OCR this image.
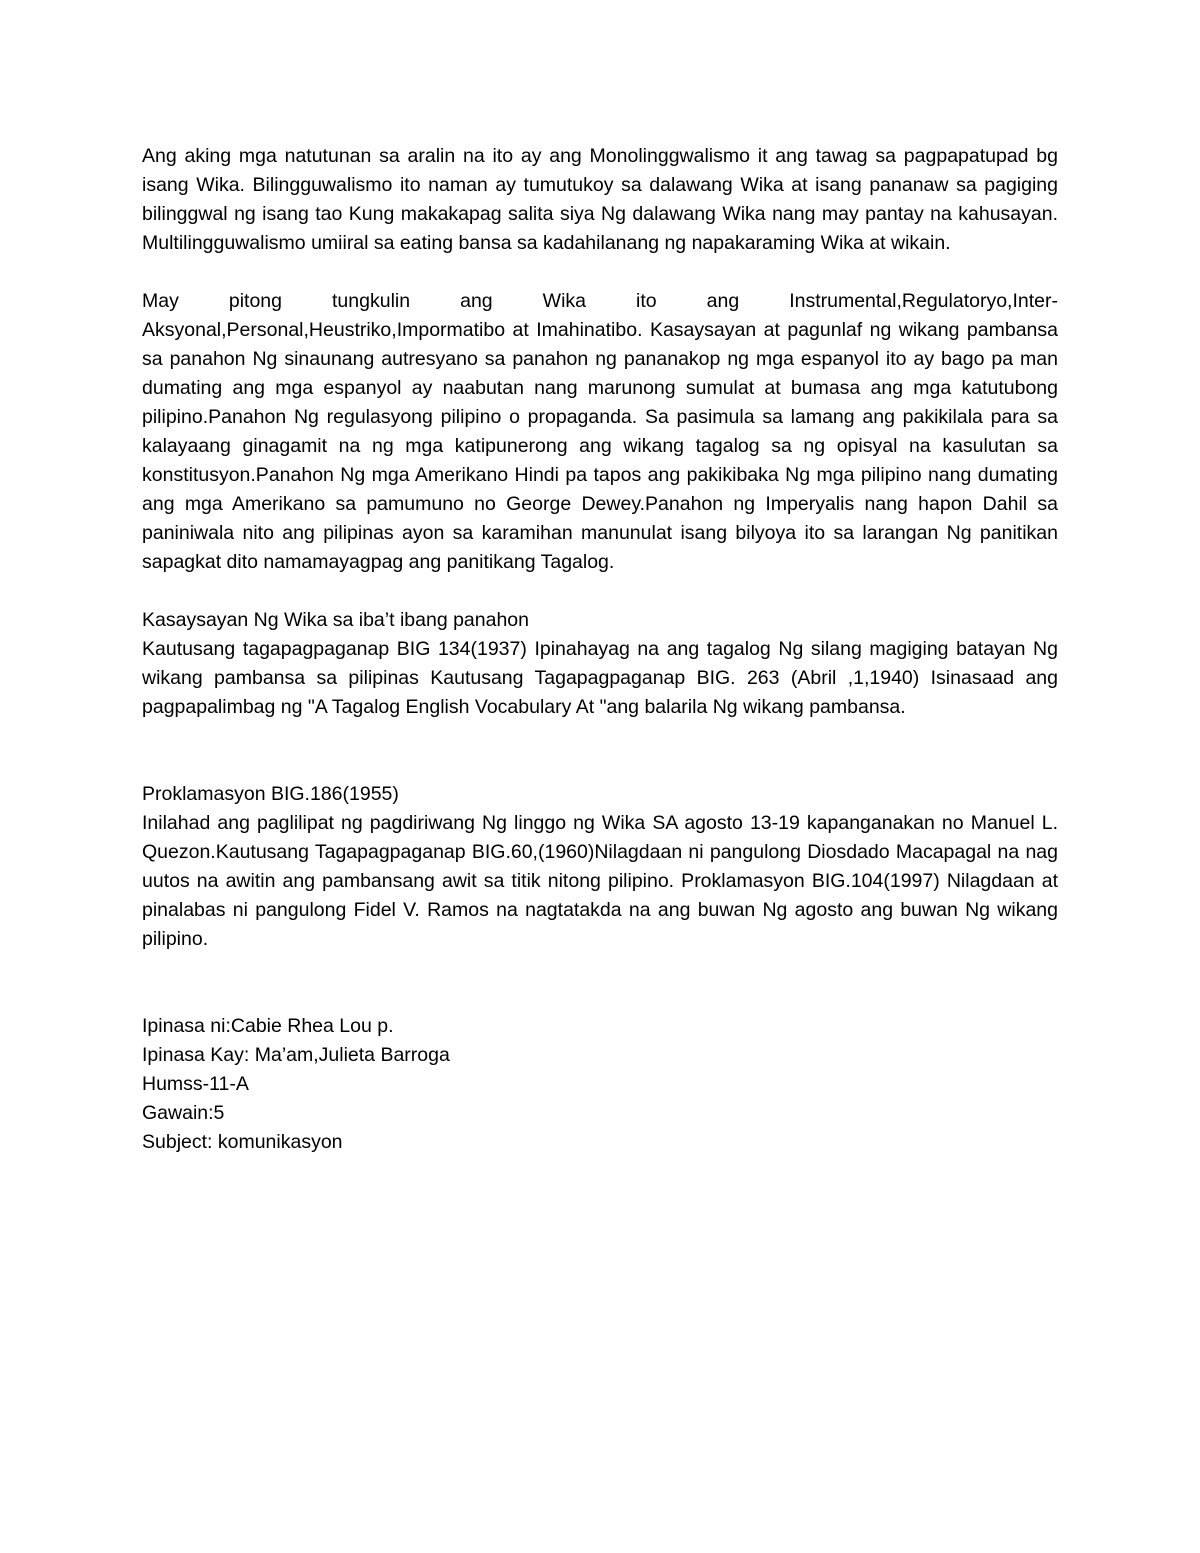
Ang aking mga natutunan sa aralin na ito ay ang Monolinggwalismo it ang tawag sa pagpapatupad bg isang Wika. Bilingguwalismo ito naman ay tumutukoy sa dalawang Wika at isang pananaw sa pagiging bilinggwal ng isang tao Kung makakapag salita siya Ng dalawang Wika nang may pantay na kahusayan. Multilingguwalismo umiiral sa eating bansa sa kadahilanang ng napakaraming Wika at wikain.

May pitong tungkulin ang Wika ito ang Instrumental,Regulatoryo,Inter-Aksyonal,Personal,Heustriko,Impormatibo at Imahinatibo. Kasaysayan at pagunlaf ng wikang pambansa sa panahon Ng sinaunang autresyano sa panahon ng pananakop ng mga espanyol ito ay bago pa man dumating ang mga espanyol ay naabutan nang marunong sumulat at bumasa ang mga katutubong pilipino.Panahon Ng regulasyong pilipino o propaganda. Sa pasimula sa lamang ang pakikilala para sa kalayaang ginagamit na ng mga katipunerong ang wikang tagalog sa ng opisyal na kasulutan sa konstitusyon.Panahon Ng mga Amerikano Hindi pa tapos ang pakikibaka Ng mga pilipino nang dumating ang mga Amerikano sa pamumuno no George Dewey.Panahon ng Imperyalis nang hapon Dahil sa paniniwala nito ang pilipinas ayon sa karamihan manunulat isang bilyoya ito sa larangan Ng panitikan sapagkat dito namamayagpag ang panitikang Tagalog.

Kasaysayan Ng Wika sa iba’t ibang panahon

Kautusang tagapagpaganap BIG 134(1937) Ipinahayag na ang tagalog Ng silang magiging batayan Ng wikang pambansa sa pilipinas Kautusang Tagapagpaganap BIG. 263 (Abril ,1,1940) Isinasaad ang pagpapalimbag ng "A Tagalog English Vocabulary At "ang balarila Ng wikang pambansa.

Proklamasyon BIG.186(1955)

Inilahad ang paglilipat ng pagdiriwang Ng linggo ng Wika SA agosto 13-19 kapanganakan no Manuel L. Quezon.Kautusang Tagapagpaganap BIG.60,(1960)Nilagdaan ni pangulong Diosdado Macapagal na nag uutos na awitin ang pambansang awit sa titik nitong pilipino. Proklamasyon BIG.104(1997) Nilagdaan at pinalabas ni pangulong Fidel V. Ramos na nagtatakda na ang buwan Ng agosto ang buwan Ng wikang pilipino.

Ipinasa ni:Cabie Rhea Lou p.

Ipinasa Kay: Ma’am,Julieta Barroga

Humss-11-A

Gawain:5

Subject: komunikasyon
